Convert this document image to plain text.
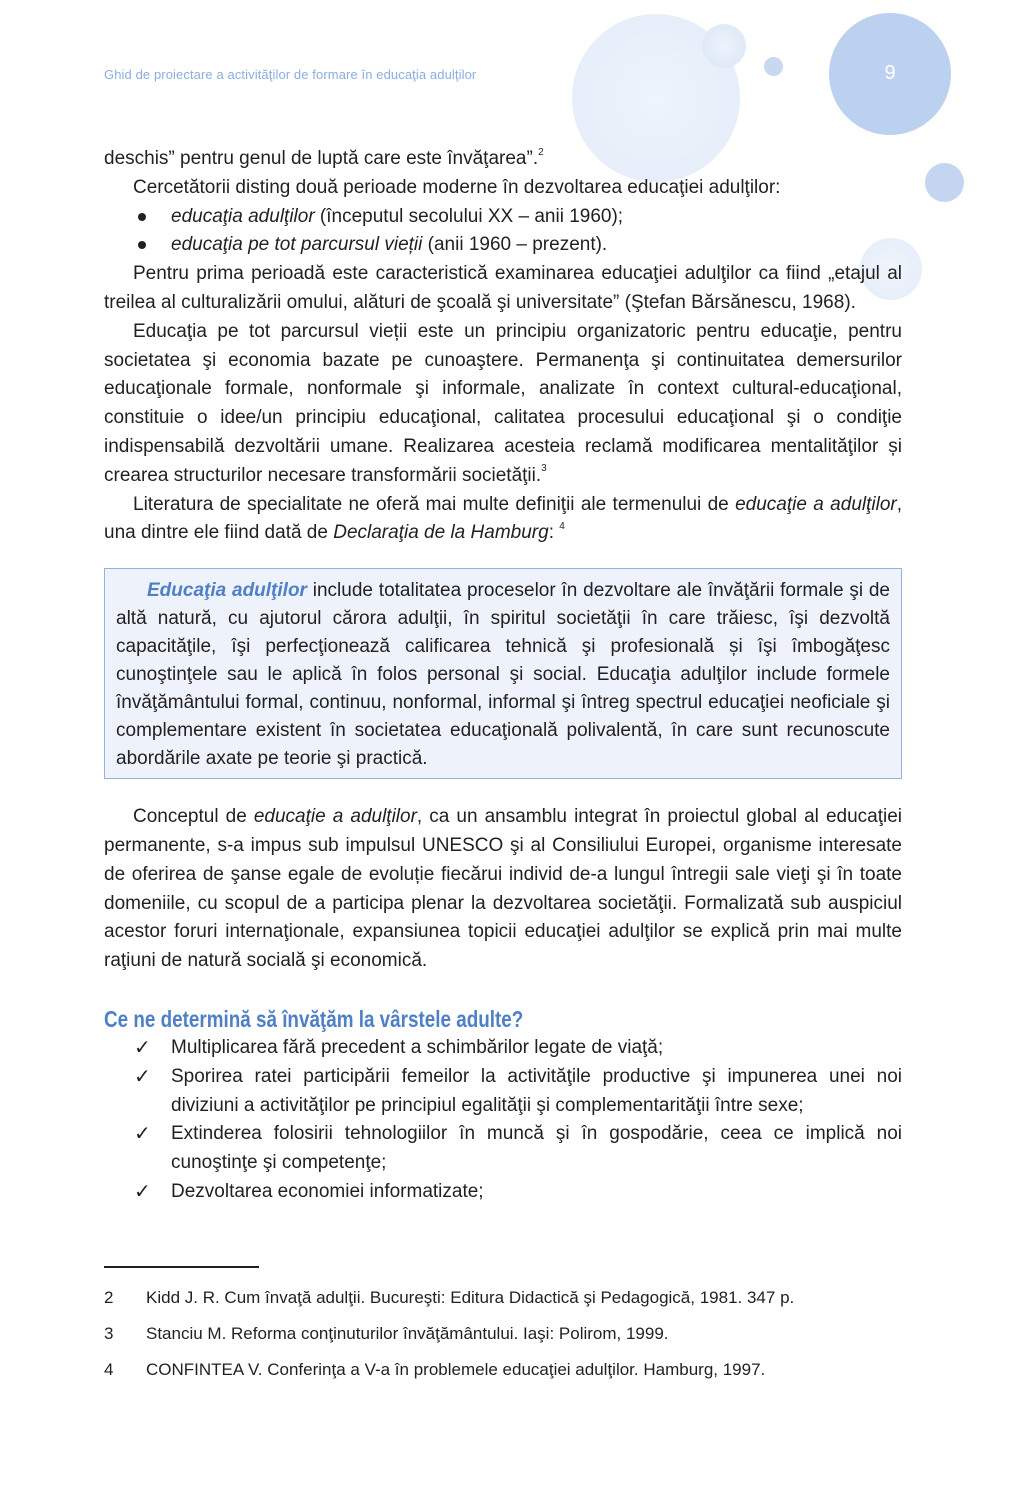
Ghid de proiectare a activităţilor de formare în educaţia adulţilor	9

deschis” pentru genul de luptă care este învăţarea”.$^2$

Cercetătorii disting două perioade moderne în dezvoltarea educaţiei adulţilor:

educaţia adulţilor (începutul secolului XX – anii 1960);
educaţia pe tot parcursul vieții (anii 1960 – prezent).

Pentru prima perioadă este caracteristică examinarea educaţiei adulţilor ca fiind „etajul al treilea al culturalizării omului, alături de şcoală şi universitate” (Ştefan Bărsănescu, 1968).

Educaţia pe tot parcursul vieții este un principiu organizatoric pentru educaţie, pentru societatea şi economia bazate pe cunoaştere. Permanenţa şi continuitatea demersurilor educaţionale formale, nonformale şi informale, analizate în context cultural-educaţional, constituie o idee/un principiu educaţional, calitatea procesului educaţional şi o condiţie indispensabilă dezvoltării umane. Realizarea acesteia reclamă modificarea mentalităţilor și crearea structurilor necesare transformării societăţii.$^3$

Literatura de specialitate ne oferă mai multe definiţii ale termenului de educaţie a adulţilor, una dintre ele fiind dată de Declaraţia de la Hamburg: $^4$

Educaţia adulţilor include totalitatea proceselor în dezvoltare ale învăţării formale şi de altă natură, cu ajutorul cărora adulţii, în spiritul societăţii în care trăiesc, îşi dezvoltă capacităţile, îşi perfecţionează calificarea tehnică şi profesională și îşi îmbogăţesc cunoştinţele sau le aplică în folos personal şi social. Educaţia adulţilor include formele învăţământului formal, continuu, nonformal, informal şi întreg spectrul educaţiei neoficiale şi complementare existent în societatea educaţională polivalentă, în care sunt recunoscute abordările axate pe teorie şi practică.

Conceptul de educaţie a adulţilor, ca un ansamblu integrat în proiectul global al educaţiei permanente, s-a impus sub impulsul UNESCO şi al Consiliului Europei, organisme interesate de oferirea de şanse egale de evoluție fiecărui individ de-a lungul întregii sale vieţi şi în toate domeniile, cu scopul de a participa plenar la dezvoltarea societăţii. Formalizată sub auspiciul acestor foruri internaţionale, expansiunea topicii educaţiei adulţilor se explică prin mai multe raţiuni de natură socială şi economică.

Ce ne determină să învăţăm la vârstele adulte?
✓ Multiplicarea fără precedent a schimbărilor legate de viaţă;
✓ Sporirea ratei participării femeilor la activităţile productive şi impunerea unei noi diviziuni a activităţilor pe principiul egalităţii şi complementarităţii între sexe;
✓ Extinderea folosirii tehnologiilor în muncă şi în gospodărie, ceea ce implică noi cunoştinţe şi competenţe;
✓ Dezvoltarea economiei informatizate;
2 Kidd J. R. Cum învaţă adulţii. Bucureşti: Editura Didactică şi Pedagogică, 1981. 347 p.
3 Stanciu M. Reforma conţinuturilor învăţământului. Iaşi: Polirom, 1999.
4 CONFINTEA V. Conferinţa a V-a în problemele educaţiei adulţilor. Hamburg, 1997.
